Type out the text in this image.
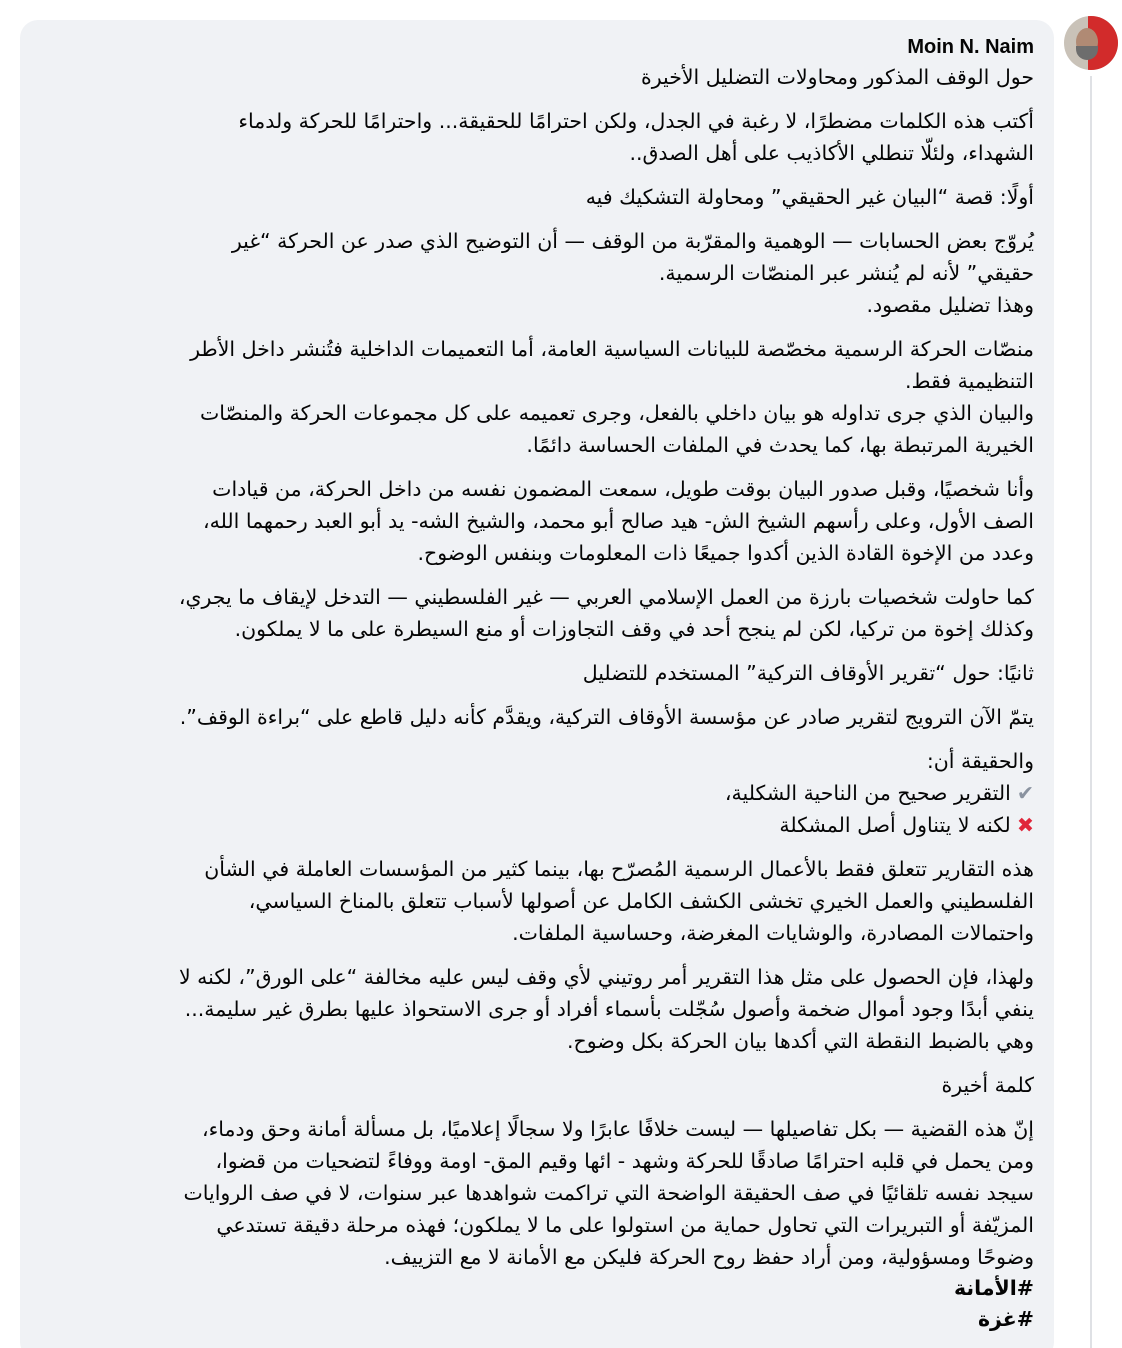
Moin N. Naim

حول الوقف المذكور ومحاولات التضليل الأخيرة

أكتب هذه الكلمات مضطرًا، لا رغبة في الجدل، ولكن احترامًا للحقيقة... واحترامًا للحركة ولدماء
الشهداء، ولئلّا تنطلي الأكاذيب على أهل الصدق..

أولًا: قصة “البيان غير الحقيقي” ومحاولة التشكيك فيه

يُروّج بعض الحسابات — الوهمية والمقرّبة من الوقف — أن التوضيح الذي صدر عن الحركة “غير
حقيقي” لأنه لم يُنشر عبر المنصّات الرسمية.
وهذا تضليل مقصود.

منصّات الحركة الرسمية مخصّصة للبيانات السياسية العامة، أما التعميمات الداخلية فتُنشر داخل الأطر
التنظيمية فقط.
والبيان الذي جرى تداوله هو بيان داخلي بالفعل، وجرى تعميمه على كل مجموعات الحركة والمنصّات
الخيرية المرتبطة بها، كما يحدث في الملفات الحساسة دائمًا.

وأنا شخصيًا، وقبل صدور البيان بوقت طويل، سمعت المضمون نفسه من داخل الحركة، من قيادات
الصف الأول، وعلى رأسهم الشيخ الش- هيد صالح أبو محمد، والشيخ الشه- يد أبو العبد رحمهما الله،
وعدد من الإخوة القادة الذين أكدوا جميعًا ذات المعلومات وبنفس الوضوح.

كما حاولت شخصيات بارزة من العمل الإسلامي العربي — غير الفلسطيني — التدخل لإيقاف ما يجري،
وكذلك إخوة من تركيا، لكن لم ينجح أحد في وقف التجاوزات أو منع السيطرة على ما لا يملكون.

ثانيًا: حول “تقرير الأوقاف التركية” المستخدم للتضليل

يتمّ الآن الترويج لتقرير صادر عن مؤسسة الأوقاف التركية، ويقدَّم كأنه دليل قاطع على “براءة الوقف”.

والحقيقة أن:
✔التقرير صحيح من الناحية الشكلية،
✖لكنه لا يتناول أصل المشكلة

هذه التقارير تتعلق فقط بالأعمال الرسمية المُصرّح بها، بينما كثير من المؤسسات العاملة في الشأن
الفلسطيني والعمل الخيري تخشى الكشف الكامل عن أصولها لأسباب تتعلق بالمناخ السياسي،
واحتمالات المصادرة، والوشايات المغرضة، وحساسية الملفات.

ولهذا، فإن الحصول على مثل هذا التقرير أمر روتيني لأي وقف ليس عليه مخالفة “على الورق”، لكنه لا
ينفي أبدًا وجود أموال ضخمة وأصول سُجّلت بأسماء أفراد أو جرى الاستحواذ عليها بطرق غير سليمة...
وهي بالضبط النقطة التي أكدها بيان الحركة بكل وضوح.

كلمة أخيرة

إنّ هذه القضية — بكل تفاصيلها — ليست خلافًا عابرًا ولا سجالًا إعلاميًا، بل مسألة أمانة وحق ودماء،
ومن يحمل في قلبه احترامًا صادقًا للحركة وشهد - ائها وقيم المق- اومة ووفاءً لتضحيات من قضوا،
سيجد نفسه تلقائيًا في صف الحقيقة الواضحة التي تراكمت شواهدها عبر سنوات، لا في صف الروايات
المزيّفة أو التبريرات التي تحاول حماية من استولوا على ما لا يملكون؛ فهذه مرحلة دقيقة تستدعي
وضوحًا ومسؤولية، ومن أراد حفظ روح الحركة فليكن مع الأمانة لا مع التزييف.

#الأمانة
#غزة
